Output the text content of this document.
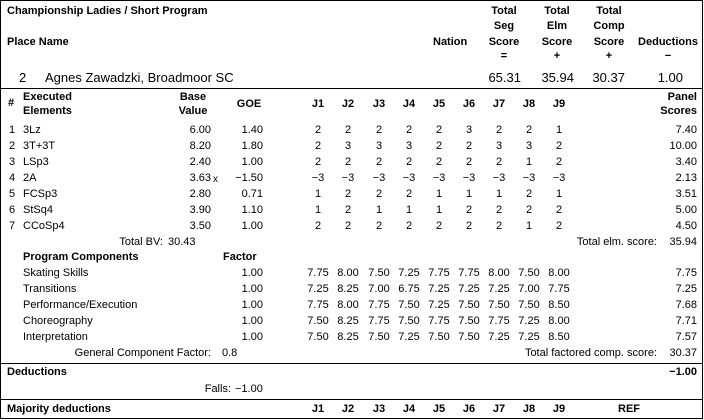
Championship Ladies / Short Program
Place Name	Nation
Total
Seg
Score
=
Total
Elm
Score
+
Total
Comp
Score
+
Deductions
−
2 Agnes Zawadzki, Broadmoor SC	65.31	35.94	30.37	1.00
# Executed
Elements
Base
Value
GOE	J1	J2	J3	J4	J5	J6	J7	J8	J9
Panel
Scores
1 3Lz	6.00	1.40	2	2	2	2	2	3	2	2	1	7.40
2 3T+3T	8.20	1.80	2	3	3	3	2	2	3	3	2	10.00
3 LSp3	2.40	1.00	2	2	2	2	2	2	2	1	2	3.40
4 2A	3.63 x	−1.50	−3	−3	−3	−3	−3	−3	−3	−3	−3	2.13
5 FCSp3	2.80	0.71	1	2	2	2	1	1	1	2	1	3.51
6 StSq4	3.90	1.10	1	2	1	1	1	2	2	2	2	5.00
7 CCoSp4	3.50	1.00	2	2	2	2	2	2	2	1	2	4.50
Total BV: 30.43	Total elm. score:	35.94
Program Components	Factor
Skating Skills	1.00	7.75 8.00 7.50 7.25 7.75 7.75 8.00 7.50 8.00	7.75
Transitions	1.00	7.25 8.25 7.00 6.75 7.25 7.25 7.25 7.00 7.75	7.25
Performance/Execution	1.00	7.75 8.00 7.75 7.50 7.25 7.50 7.50 7.50 8.50	7.68
Choreography	1.00	7.50 8.25 7.75 7.50 7.75 7.50 7.75 7.25 8.00	7.71
Interpretation	1.00	7.50 8.25 7.50 7.25 7.50 7.50 7.25 7.25 8.50	7.57
General Component Factor: 0.8	Total factored comp. score:	30.37
Deductions	−1.00
Falls: −1.00
Majority deductions	J1	J2	J3	J4	J5	J6	J7	J8	J9	REF
